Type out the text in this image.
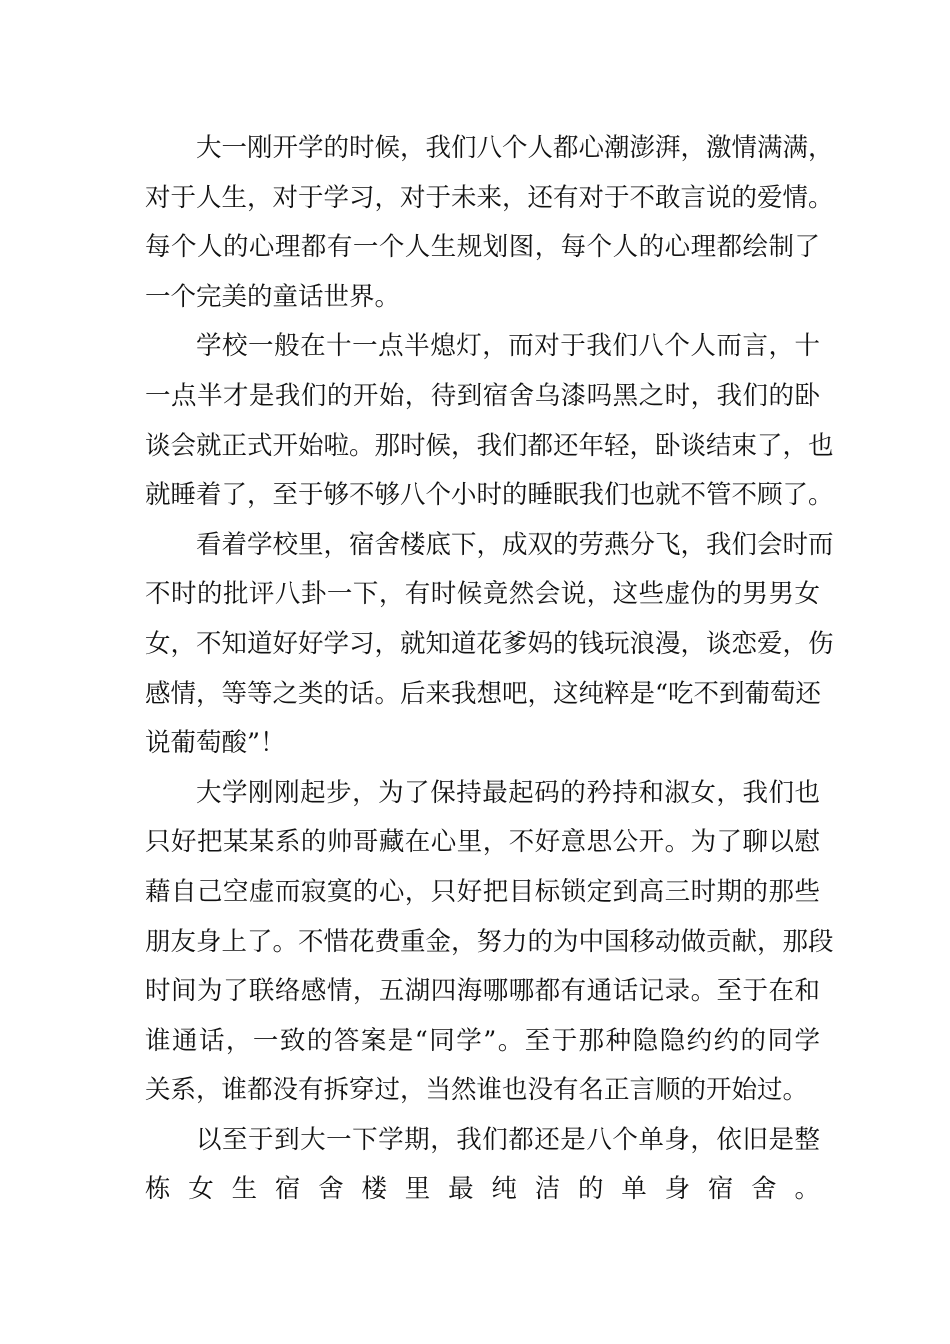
大一刚开学的时候，我们八个人都心潮澎湃，激情满满，
对于人生，对于学习，对于未来，还有对于不敢言说的爱情。
每个人的心理都有一个人生规划图，每个人的心理都绘制了
一个完美的童话世界。
学校一般在十一点半熄灯，而对于我们八个人而言，十
一点半才是我们的开始，待到宿舍乌漆吗黑之时，我们的卧
谈会就正式开始啦。那时候，我们都还年轻，卧谈结束了，也
就睡着了，至于够不够八个小时的睡眠我们也就不管不顾了。
看着学校里，宿舍楼底下，成双的劳燕分飞，我们会时而
不时的批评八卦一下，有时候竟然会说，这些虚伪的男男女
女，不知道好好学习，就知道花爹妈的钱玩浪漫，谈恋爱，伤
感情，等等之类的话。后来我想吧，这纯粹是“吃不到葡萄还
说葡萄酸”！
大学刚刚起步，为了保持最起码的矜持和淑女，我们也
只好把某某系的帅哥藏在心里，不好意思公开。为了聊以慰
藉自己空虚而寂寞的心，只好把目标锁定到高三时期的那些
朋友身上了。不惜花费重金，努力的为中国移动做贡献，那段
时间为了联络感情，五湖四海哪哪都有通话记录。至于在和
谁通话，一致的答案是“同学”。至于那种隐隐约约的同学
关系，谁都没有拆穿过，当然谁也没有名正言顺的开始过。
以至于到大一下学期，我们都还是八个单身，依旧是整
栋女生宿舍楼里最纯洁的单身宿舍。
